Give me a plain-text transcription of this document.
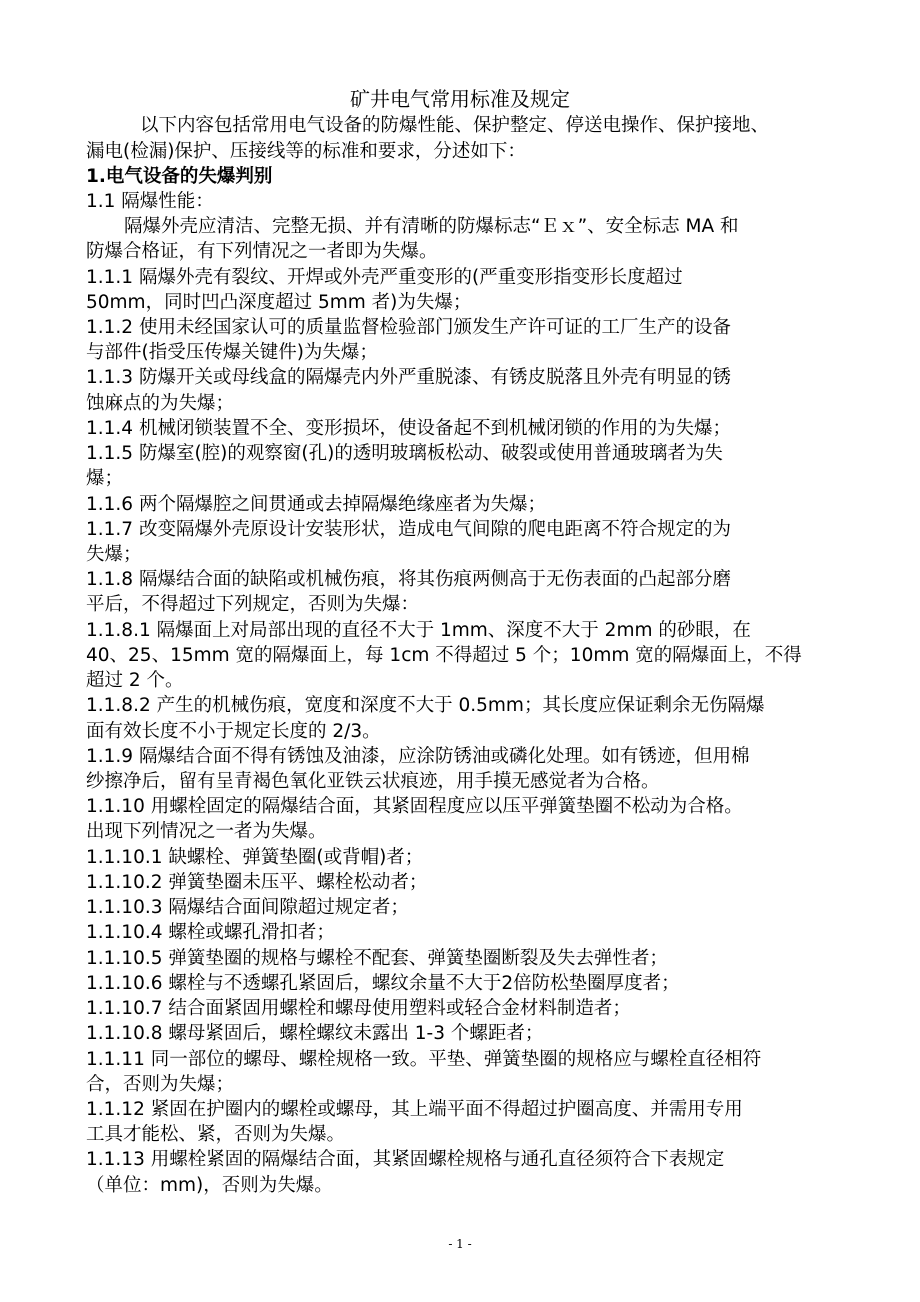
矿井电气常用标准及规定
以下内容包括常用电气设备的防爆性能、保护整定、停送电操作、保护接地、
漏电(检漏)保护、压接线等的标准和要求，分述如下：
1.电气设备的失爆判别
1.1 隔爆性能：
隔爆外壳应清洁、完整无损、并有清晰的防爆标志“Ｅｘ”、安全标志 MA 和
防爆合格证，有下列情况之一者即为失爆。
1.1.1 隔爆外壳有裂纹、开焊或外壳严重变形的(严重变形指变形长度超过
50mm，同时凹凸深度超过 5mm 者)为失爆；
1.1.2 使用未经国家认可的质量监督检验部门颁发生产许可证的工厂生产的设备
与部件(指受压传爆关键件)为失爆；
1.1.3 防爆开关或母线盒的隔爆壳内外严重脱漆、有锈皮脱落且外壳有明显的锈
蚀麻点的为失爆；
1.1.4 机械闭锁装置不全、变形损坏，使设备起不到机械闭锁的作用的为失爆；
1.1.5 防爆室(腔)的观察窗(孔)的透明玻璃板松动、破裂或使用普通玻璃者为失
爆；
1.1.6 两个隔爆腔之间贯通或去掉隔爆绝缘座者为失爆；
1.1.7 改变隔爆外壳原设计安装形状，造成电气间隙的爬电距离不符合规定的为
失爆；
1.1.8 隔爆结合面的缺陷或机械伤痕，将其伤痕两侧高于无伤表面的凸起部分磨
平后，不得超过下列规定，否则为失爆：
1.1.8.1 隔爆面上对局部出现的直径不大于 1mm、深度不大于 2mm 的砂眼，在
40、25、15mm 宽的隔爆面上，每 1cm 不得超过 5 个；10mm 宽的隔爆面上，不得
超过 2 个。
1.1.8.2 产生的机械伤痕，宽度和深度不大于 0.5mm；其长度应保证剩余无伤隔爆
面有效长度不小于规定长度的 2/3。
1.1.9 隔爆结合面不得有锈蚀及油漆，应涂防锈油或磷化处理。如有锈迹，但用棉
纱擦净后，留有呈青褐色氧化亚铁云状痕迹，用手摸无感觉者为合格。
1.1.10 用螺栓固定的隔爆结合面，其紧固程度应以压平弹簧垫圈不松动为合格。
出现下列情况之一者为失爆。
1.1.10.1 缺螺栓、弹簧垫圈(或背帽)者；
1.1.10.2 弹簧垫圈未压平、螺栓松动者；
1.1.10.3 隔爆结合面间隙超过规定者；
1.1.10.4 螺栓或螺孔滑扣者；
1.1.10.5 弹簧垫圈的规格与螺栓不配套、弹簧垫圈断裂及失去弹性者；
1.1.10.6 螺栓与不透螺孔紧固后，螺纹余量不大于2倍防松垫圈厚度者；
1.1.10.7 结合面紧固用螺栓和螺母使用塑料或轻合金材料制造者；
1.1.10.8 螺母紧固后，螺栓螺纹未露出 1-3 个螺距者；
1.1.11 同一部位的螺母、螺栓规格一致。平垫、弹簧垫圈的规格应与螺栓直径相符
合，否则为失爆；
1.1.12 紧固在护圈内的螺栓或螺母，其上端平面不得超过护圈高度、并需用专用
工具才能松、紧，否则为失爆。
1.1.13 用螺栓紧固的隔爆结合面，其紧固螺栓规格与通孔直径须符合下表规定
（单位：mm)，否则为失爆。
- 1 -
